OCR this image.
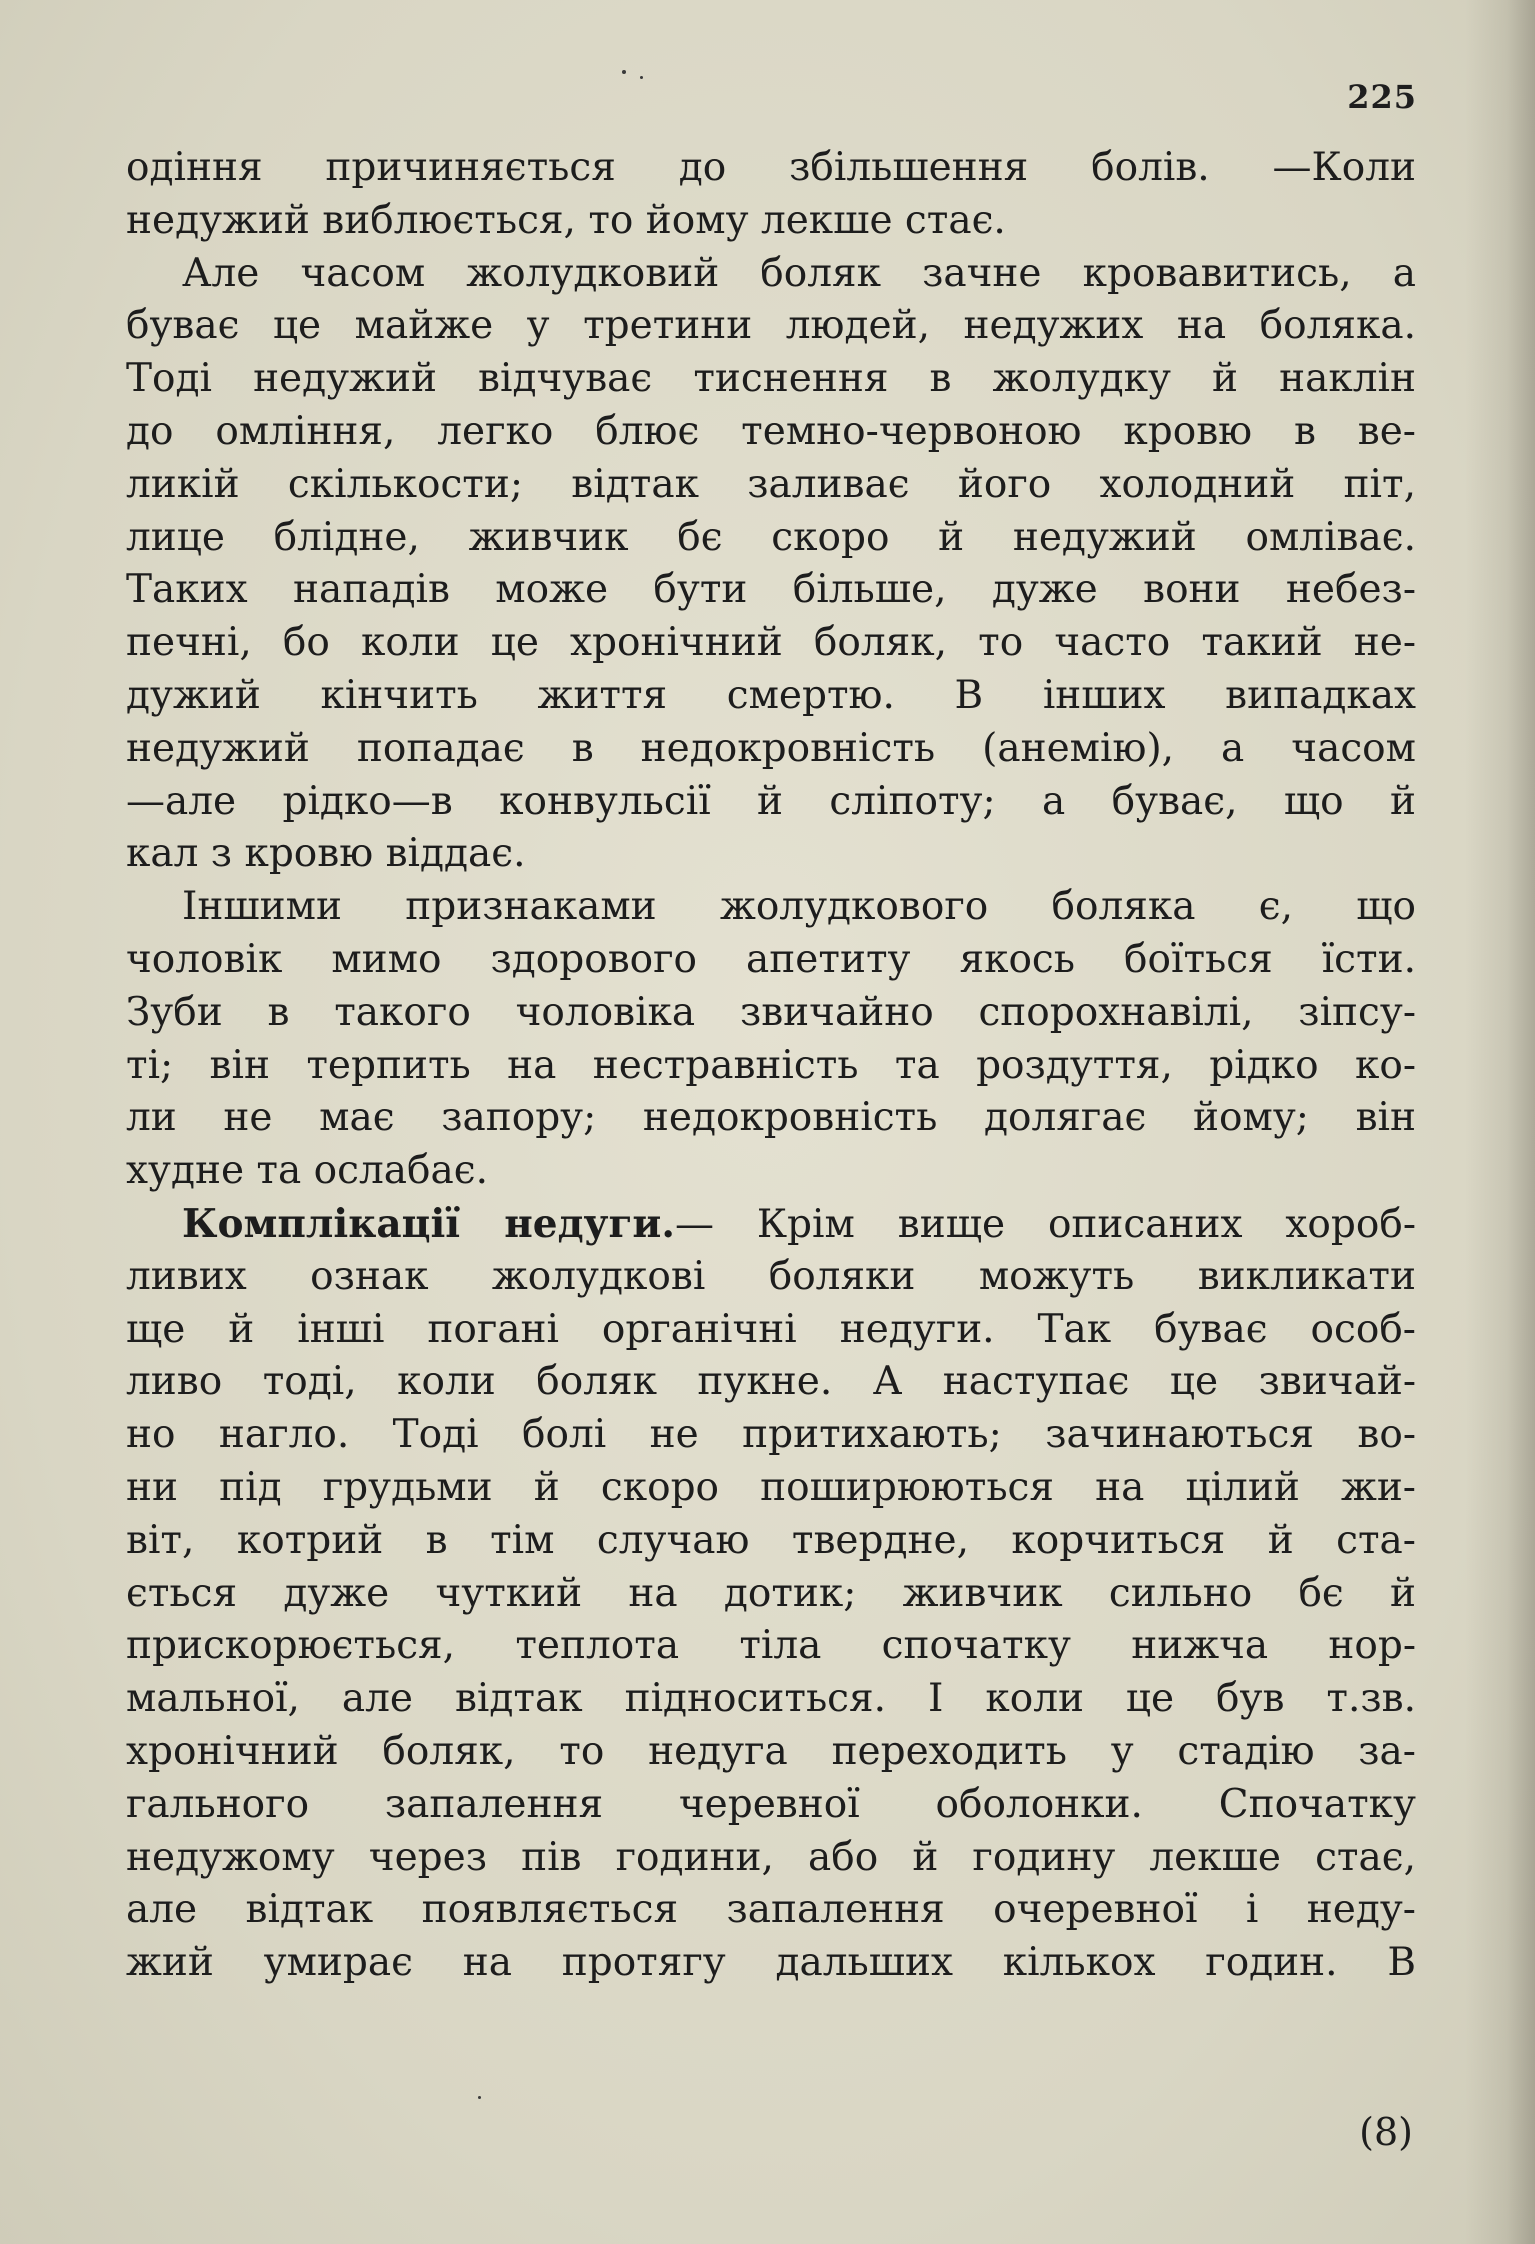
225
одіння причиняється до збільшення болів. —Коли
недужий виблюється, то йому лекше стає.
Але часом жолудковий боляк зачне кровавитись, а
буває це майже у третини людей, недужих на боляка.
Тоді недужий відчуває тиснення в жолудку й наклін
до омління, легко блює темно-червоною кровю в ве-
ликій скількости; відтак заливає його холодний піт,
лице бліднe, живчик бє скоро й недужий омліває.
Таких нападів може бути більше, дуже вони небез-
печні, бо коли це хронічний боляк, то часто такий не-
дужий кінчить життя смертю. В інших випадках
недужий попадає в недокровність (анемію), а часом
—але рідко—в конвульсії й сліпоту; а буває, що й
кал з кровю віддає.
Іншими признаками жолудкового боляка є, що
чоловік мимо здорового апетиту якось боїться їсти.
Зуби в такого чоловіка звичайно спорохнавілі, зіпсу-
ті; він терпить на нестравність та роздуття, рідко ко-
ли не має запору; недокровність долягає йому; він
худне та ослабає.
Комплікації недуги.— Крім вище описаних хороб-
ливих ознак жолудкові боляки можуть викликати
ще й інші погані органічні недуги. Так буває особ-
ливо тоді, коли боляк пукне. А наступає це звичай-
но нагло. Тоді болі не притихають; зачинаються во-
ни під грудьми й скоро поширюються на цілий жи-
віт, котрий в тім случаю твердне, корчиться й ста-
ється дуже чуткий на дотик; живчик сильно бє й
прискорюється, теплота тіла спочатку нижча нор-
мальної, але відтак підноситься. І коли це був т.зв.
хронічний боляк, то недуга переходить у стадію за-
гального запалення черевної оболонки. Спочатку
недужому через пів години, або й годину лекше стає,
але відтак появляється запалення очеревної і неду-
жий умирає на протягу дальших кількох годин. В
(8)
